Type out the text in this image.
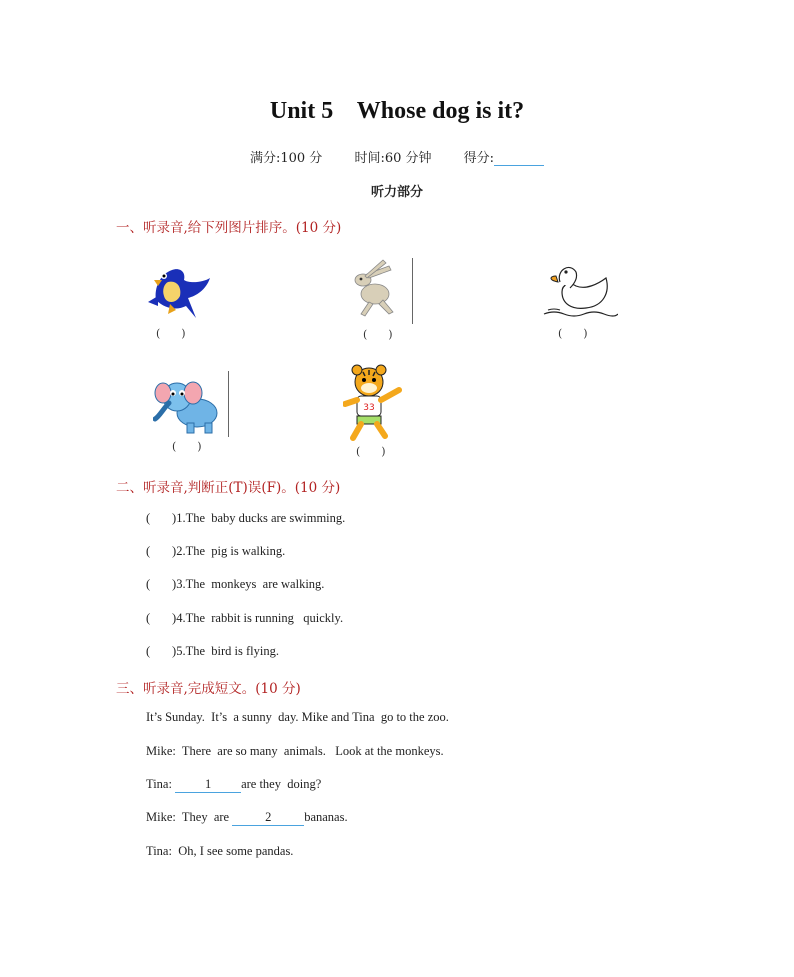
Unit 5    Whose dog is it?
满分:100 分 时间:60 分钟 得分:
听力部分
一、听录音,给下列图片排序。(10 分)
(      )	(      )	(      )
(      )
33
(      )
二、听录音,判断正(T)误(F)。(10 分)
(       )1.The  baby ducks are swimming.
(       )2.The  pig is walking.
(       )3.The  monkeys  are walking.
(       )4.The  rabbit is running   quickly.
(       )5.The  bird is flying.
三、听录音,完成短文。(10 分)
It’s Sunday.  It’s  a sunny  day. Mike and Tina  go to the zoo.
Mike:  There  are so many  animals.   Look at the monkeys.
Tina:	1 are they  doing?
Mike:  They  are	2	bananas.
Tina:  Oh, I see some pandas.
